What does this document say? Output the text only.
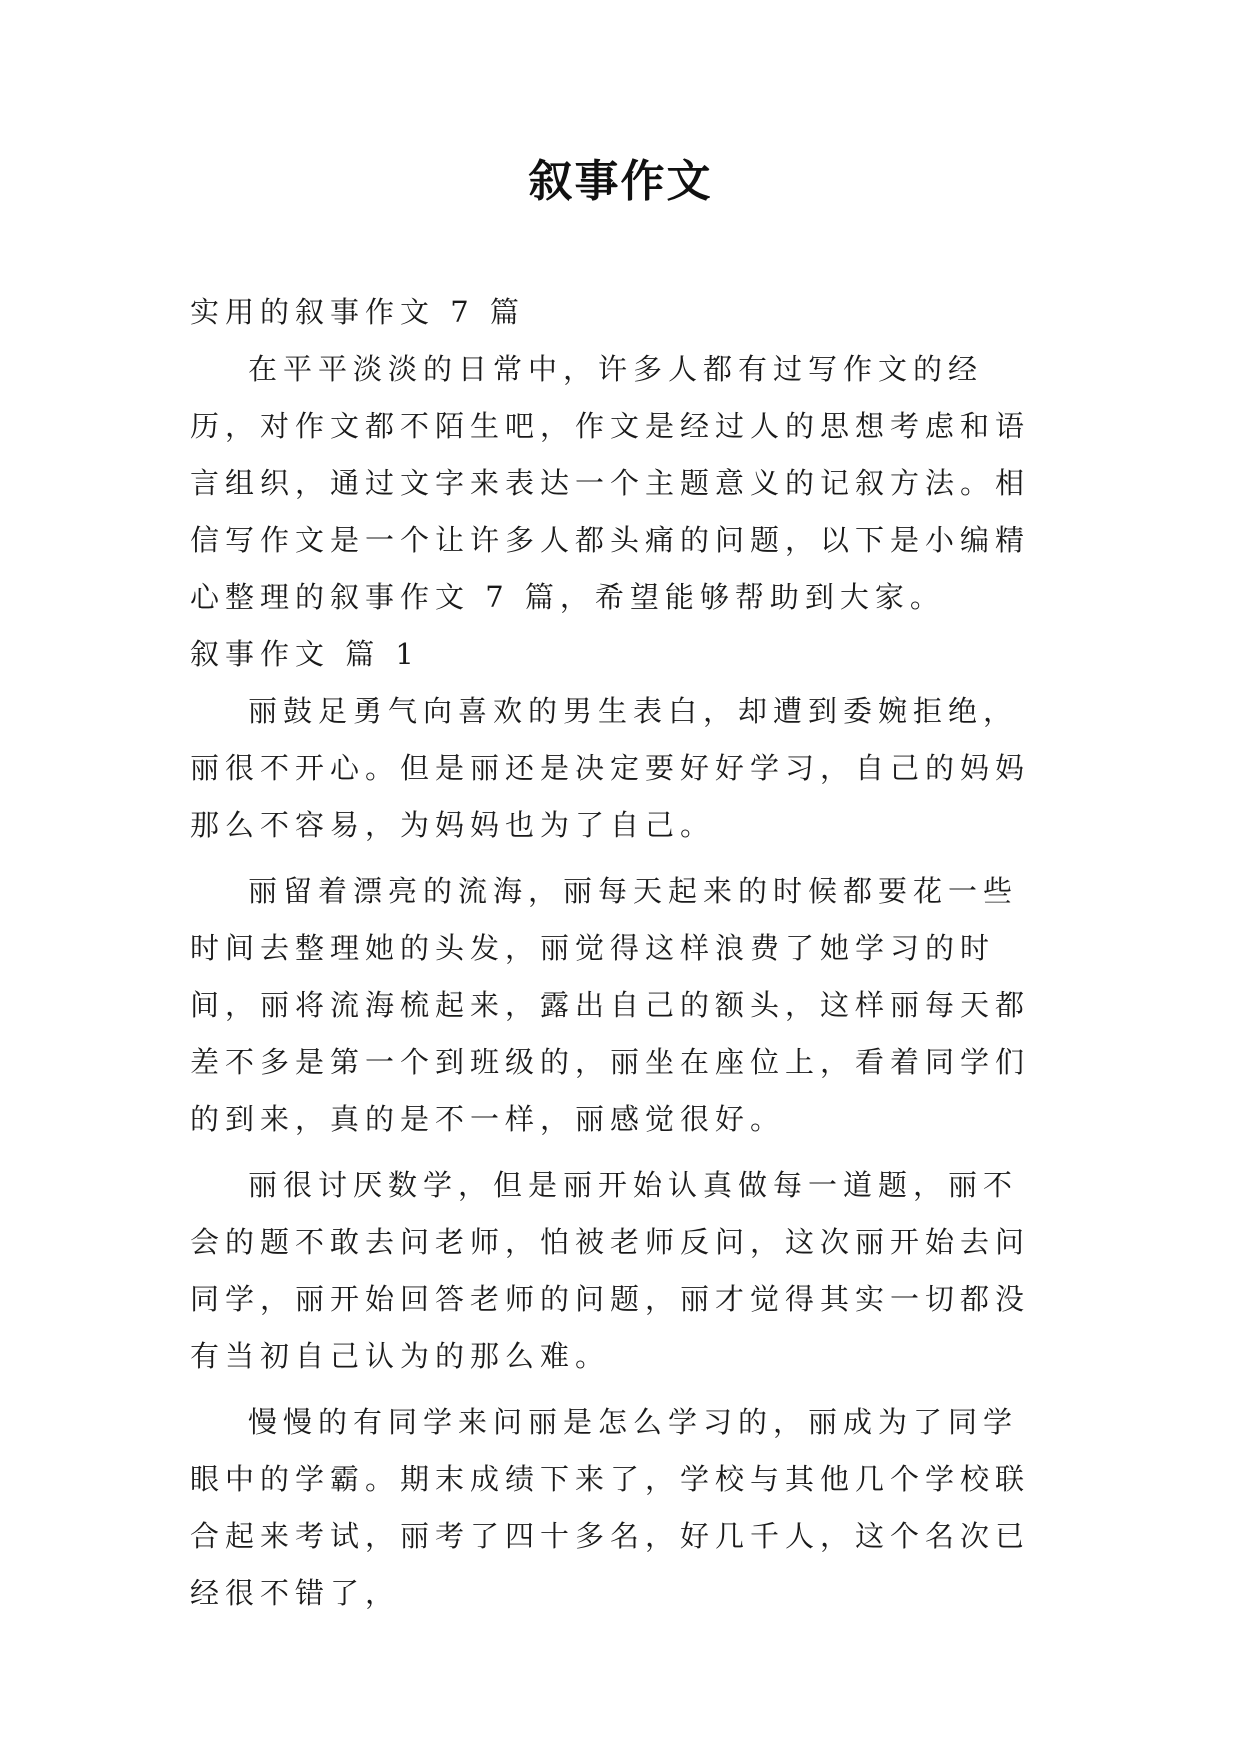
叙事作文

实用的叙事作文 7 篇

在平平淡淡的日常中，许多人都有过写作文的经历，对作文都不陌生吧，作文是经过人的思想考虑和语言组织，通过文字来表达一个主题意义的记叙方法。相信写作文是一个让许多人都头痛的问题，以下是小编精心整理的叙事作文 7 篇，希望能够帮助到大家。

叙事作文 篇 1

丽鼓足勇气向喜欢的男生表白，却遭到委婉拒绝，丽很不开心。但是丽还是决定要好好学习，自己的妈妈那么不容易，为妈妈也为了自己。

丽留着漂亮的流海，丽每天起来的时候都要花一些时间去整理她的头发，丽觉得这样浪费了她学习的时间，丽将流海梳起来，露出自己的额头，这样丽每天都差不多是第一个到班级的，丽坐在座位上，看着同学们的到来，真的是不一样，丽感觉很好。

丽很讨厌数学，但是丽开始认真做每一道题，丽不会的题不敢去问老师，怕被老师反问，这次丽开始去问同学，丽开始回答老师的问题，丽才觉得其实一切都没有当初自己认为的那么难。

慢慢的有同学来问丽是怎么学习的，丽成为了同学眼中的学霸。期末成绩下来了，学校与其他几个学校联合起来考试，丽考了四十多名，好几千人，这个名次已经很不错了，
